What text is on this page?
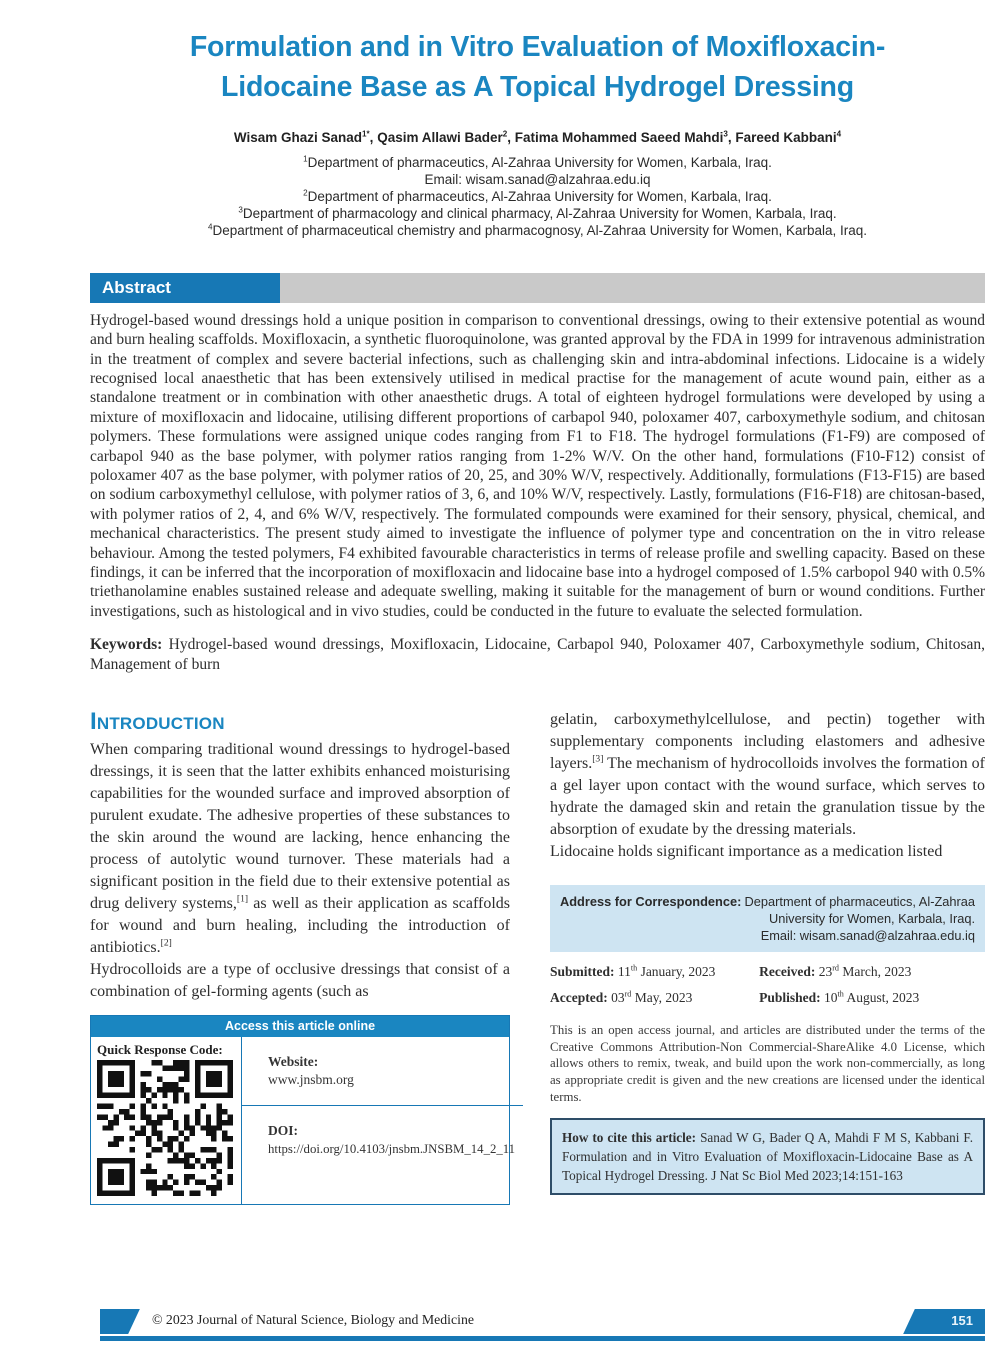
Formulation and in Vitro Evaluation of Moxifloxacin-
Lidocaine Base as A Topical Hydrogel Dressing
Wisam Ghazi Sanad$^{1*}$, Qasim Allawi Bader$^2$, Fatima Mohammed Saeed Mahdi$^3$, Fareed Kabbani$^4$
$^1$Department of pharmaceutics, Al-Zahraa University for Women, Karbala, Iraq.
Email: wisam.sanad@alzahraa.edu.iq
$^2$Department of pharmaceutics, Al-Zahraa University for Women, Karbala, Iraq.
$^3$Department of pharmacology and clinical pharmacy, Al-Zahraa University for Women, Karbala, Iraq.
$^4$Department of pharmaceutical chemistry and pharmacognosy, Al-Zahraa University for Women, Karbala, Iraq.
Abstract

Hydrogel-based wound dressings hold a unique position in comparison to conventional dressings, owing to their extensive potential as wound and burn healing scaffolds. Moxifloxacin, a synthetic fluoroquinolone, was granted approval by the FDA in 1999 for intravenous administration in the treatment of complex and severe bacterial infections, such as challenging skin and intra-abdominal infections. Lidocaine is a widely recognised local anaesthetic that has been extensively utilised in medical practise for the management of acute wound pain, either as a standalone treatment or in combination with other anaesthetic drugs. A total of eighteen hydrogel formulations were developed by using a mixture of moxifloxacin and lidocaine, utilising different proportions of carbapol 940, poloxamer 407, carboxymethyle sodium, and chitosan polymers. These formulations were assigned unique codes ranging from F1 to F18. The hydrogel formulations (F1-F9) are composed of carbapol 940 as the base polymer, with polymer ratios ranging from 1-2% W/V. On the other hand, formulations (F10-F12) consist of poloxamer 407 as the base polymer, with polymer ratios of 20, 25, and 30% W/V, respectively. Additionally, formulations (F13-F15) are based on sodium carboxymethyl cellulose, with polymer ratios of 3, 6, and 10% W/V, respectively. Lastly, formulations (F16-F18) are chitosan-based, with polymer ratios of 2, 4, and 6% W/V, respectively. The formulated compounds were examined for their sensory, physical, chemical, and mechanical characteristics. The present study aimed to investigate the influence of polymer type and concentration on the in vitro release behaviour. Among the tested polymers, F4 exhibited favourable characteristics in terms of release profile and swelling capacity. Based on these findings, it can be inferred that the incorporation of moxifloxacin and lidocaine base into a hydrogel composed of 1.5% carbopol 940 with 0.5% triethanolamine enables sustained release and adequate swelling, making it suitable for the management of burn or wound conditions. Further investigations, such as histological and in vivo studies, could be conducted in the future to evaluate the selected formulation.

Keywords: Hydrogel-based wound dressings, Moxifloxacin, Lidocaine, Carbapol 940, Poloxamer 407, Carboxymethyle sodium, Chitosan, Management of burn

Introduction

When comparing traditional wound dressings to hydrogel-based dressings, it is seen that the latter exhibits enhanced moisturising capabilities for the wounded surface and improved absorption of purulent exudate. The adhesive properties of these substances to the skin around the wound are lacking, hence enhancing the process of autolytic wound turnover. These materials had a significant position in the field due to their extensive potential as drug delivery systems,[1] as well as their application as scaffolds for wound and burn healing, including the introduction of antibiotics.[2]

Hydrocolloids are a type of occlusive dressings that consist of a combination of gel-forming agents (such as

Access this article online
Quick Response Code:
Website:
www.jnsbm.org
DOI:
https://doi.org/10.4103/jnsbm.JNSBM_14_2_11

gelatin, carboxymethylcellulose, and pectin) together with supplementary components including elastomers and adhesive layers.[3] The mechanism of hydrocolloids involves the formation of a gel layer upon contact with the wound surface, which serves to hydrate the damaged skin and retain the granulation tissue by the absorption of exudate by the dressing materials.

Lidocaine holds significant importance as a medication listed

Address for Correspondence: Department of pharmaceutics, Al-Zahraa University for Women, Karbala, Iraq.
Email: wisam.sanad@alzahraa.edu.iq
Submitted: 11th January, 2023	Received: 23rd March, 2023
Accepted: 03rd May, 2023	Published: 10th August, 2023

This is an open access journal, and articles are distributed under the terms of the Creative Commons Attribution-Non Commercial-ShareAlike 4.0 License, which allows others to remix, tweak, and build upon the work non-commercially, as long as appropriate credit is given and the new creations are licensed under the identical terms.

How to cite this article: Sanad W G, Bader Q A, Mahdi F M S, Kabbani F. Formulation and in Vitro Evaluation of Moxifloxacin-Lidocaine Base as A Topical Hydrogel Dressing. J Nat Sc Biol Med 2023;14:151-163
© 2023 Journal of Natural Science, Biology and Medicine	151
